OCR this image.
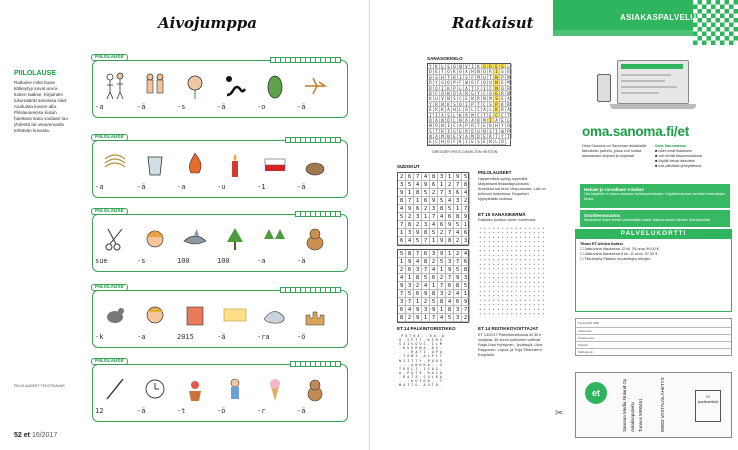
Aivojumppa
PIILOLAUSE
Ratkaise mikä lause kätkeytyy kuvat-arvoi-tusten taakse. Kirjainten lukumäärät sanoissa näet ruuduista kuvien alla. Piilolauseessa kuluin haettava sana voidaan tuo yhdestä tai useammasta tehtävän kuvasta.
PIILOLAUSEET TEKSTIKAVAR
52 et 16/2017
PIILOLAUSE
-a	-ä	-s	-ä	-o	-ä
PIILOLAUSE
-a	-ä	-a	-u	-1	-ä
PIILOLAUSE
sue	-s	100	100	-a	-ä
PIILOLAUSE
-k	-a	2015	-ä	-ra	-ö
PIILOLAUSE
12	-ä	-t	-ö	-r	-ä
Ratkaisut
SANASOKKELO
Y K L S O N V I K G R E G L
D E T O K O A H N O R I S E
O S H T R I S F M U T N P M
R Y G O P F W O F O U N E M
R O I K P L A T F I C N O R
D F O N D A R G Y C O E R N
K U V N S C E N R N M S E A
Y R N K S O I P T C S P K R
E R K A H L O L C A L K R A
I I A S L K R M C T E C C T
O A N O L N A A R M I A E L
W O N I C A P R T E D H Y O
S T R I G E R E U N S I W P
N A M N E V A M D E R T Y T
E C H O F K I E S E N L O
GREGORY PECK CHARLTON HESTON
SUDOKUT
2 6 7 4 8 3 1 9 5
3 5 4 9 6 1 2 7 8
9 1 8 5 2 7 3 6 4
8 7 1 6 9 5 4 3 2
4 9 6 2 3 8 5 1 7
5 2 3 1 7 4 6 8 9
7 8 2 3 4 6 9 5 1
1 3 9 8 5 2 7 4 6
6 4 5 7 1 9 8 2 3
5 8 7 6 3 9 1 2 4
1 9 4 8 2 5 3 7 6
2 6 3 7 4 1 9 5 8
4 1 8 5 6 2 7 9 3
9 3 2 4 1 7 6 8 5
7 5 6 9 8 3 2 4 1
3 7 1 2 5 8 4 6 9
6 4 9 3 9 1 8 3 7
8 2 9 1 7 4 5 3 2
PIILOLAUSEET
Hapanvilkkis syntyy kaymällä. Marjattavat leskkalsipuolokata. Amerikka sai viron Vespucciolta. Laki on tullivuori Islannissa. Roquefort kypsytetään luolissa.
ET 15 SANASIKERMÄ
Ratkaisu puuttuu viime numerosta.
ET 14 PALKINTORISTIKKO
P O T K A . . R A . A
A . S E T T . K I R V
S I I V O U S . I L M
. K U U R N A . K S .
. . . R A T I . O P A
. T O N I . A L P I T
N I I T T Y . P U U S
. . . A N K K A . . S
T U U L I . I S A S .
A . P A T E . K A L A
. R A T A . S U L K A
. . . K O I R A . . T
M A I T O . A U T O .
ET 14 RISTIKKOVOITTAJAT
ET 14/2017 Palkintoristikossa oli 30 e lunajista. 30 euron palkinnon voittivat Raija-Liisa Hyötyinen, Jyväskylä, Liisa Rapponen, Lapua, ja Tuija Tikanniemi, Korpilahti.
ASIAKASPALVELU
oma.sanoma.fi/et
Oma Sanoma on Sanoman asiakkaille tarkoitettu palvelu, jossa voit hoitaa tilausasiasi helposti ja nopeasti.
Oma Sanomassa:
■ näet omat tilauksesi
■ voit tehdä tilausmuutoksia
■ löydät tietoa laskuista
■ voit päivittää yhteystietosi
Haluan jo torvaltuen e-lasku!
Ota käyttöön e-lasku omassa verkkopankissasi. Käyttöönotossa tarvitset laskuttajan tiedot.
Osoitteenmuutos
Muutokset tulee tehdä viimeistään kaksi viikkoa ennen lehden ilmestymistä.
PALVELUKORTTI
Tilaan ET-lehden lisäksi
☐ Jatkuvana tilauksena 12 kk, 25 nroa 99,00 €
☐ Jatkuvana tilauksena 6 kk, 11 nroa, 57,00 €
☐ Tilauksella Pääsen muutettujen ehtojen
TILAAJAN NIMI
Lähiosoite
Postinumero
Puhelin
Sähköposti
et	Sanoma Media Finland Oy Asiakaspalvelu Tunnus 5000461	00003 VASTAUSLÄHETYS	Ei postimerkkiä
✂
